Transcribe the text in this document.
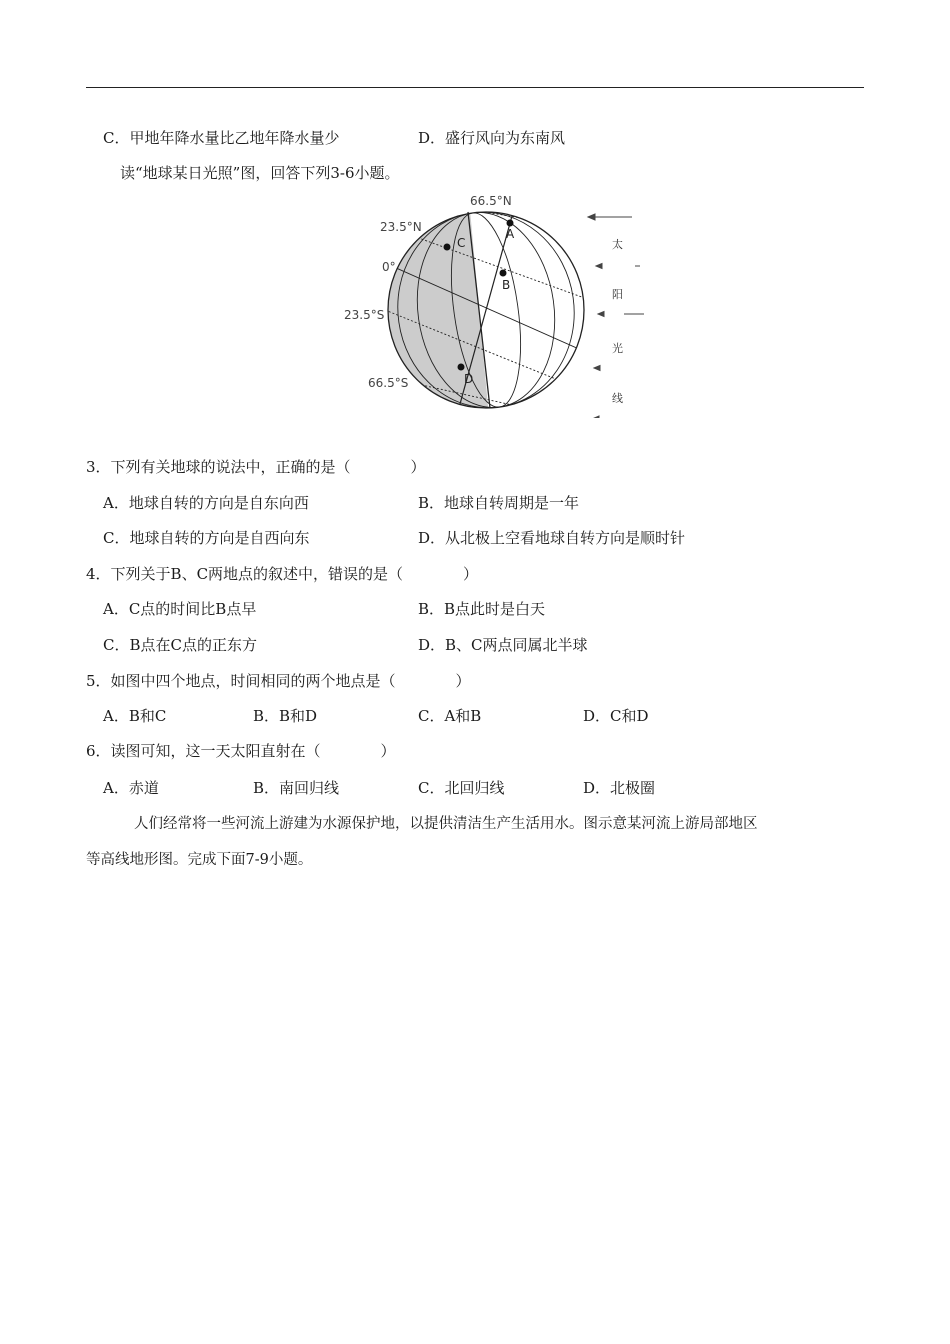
C．甲地年降水量比乙地年降水量少	D．盛行风向为东南风
读“地球某日光照”图，回答下列3-6小题。
A
B
C
D
66.5°N
23.5°N
0°
23.5°S
66.5°S
太
阳
光
线
3．下列有关地球的说法中，正确的是（　　　　）
A．地球自转的方向是自东向西	B．地球自转周期是一年
C．地球自转的方向是自西向东	D．从北极上空看地球自转方向是顺时针
4．下列关于B、C两地点的叙述中，错误的是（　　　　）
A．C点的时间比B点早	B．B点此时是白天
C．B点在C点的正东方	D．B、C两点同属北半球
5．如图中四个地点，时间相同的两个地点是（　　　　）
A．B和C	B．B和D	C．A和B	D．C和D
6．读图可知，这一天太阳直射在（　　　　）
A．赤道	B．南回归线	C．北回归线	D．北极圈
人们经常将一些河流上游建为水源保护地，以提供清洁生产生活用水。图示意某河流上游局部地区
等高线地形图。完成下面7-9小题。
